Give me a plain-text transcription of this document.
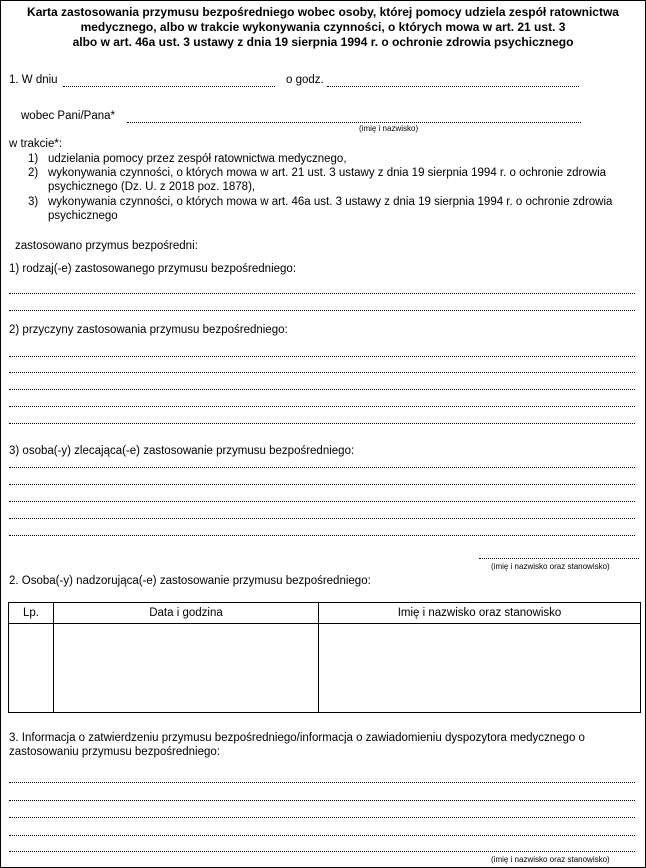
Karta zastosowania przymusu bezpośredniego wobec osoby, której pomocy udziela zespół ratownictwa
medycznego, albo w trakcie wykonywania czynności, o których mowa w art. 21 ust. 3
albo w art. 46a ust. 3 ustawy z dnia 19 sierpnia 1994 r. o ochronie zdrowia psychicznego
1. W dniu	o godz.
wobec Pani/Pana*
(imię i nazwisko)
w trakcie*:
1) udzielania pomocy przez zespół ratownictwa medycznego,
2) wykonywania czynności, o których mowa w art. 21 ust. 3 ustawy z dnia 19 sierpnia 1994 r. o ochronie zdrowia psychicznego (Dz. U. z 2018 poz. 1878),
3) wykonywania czynności, o których mowa w art. 46a ust. 3 ustawy z dnia 19 sierpnia 1994 r. o ochronie zdrowia psychicznego
zastosowano przymus bezpośredni:
1) rodzaj(-e) zastosowanego przymusu bezpośredniego:
2) przyczyny zastosowania przymusu bezpośredniego:
3) osoba(-y) zlecająca(-e) zastosowanie przymusu bezpośredniego:
(imię i nazwisko oraz stanowisko)
2. Osoba(-y) nadzorująca(-e) zastosowanie przymusu bezpośredniego:
Lp.	Data i godzina	Imię i nazwisko oraz stanowisko

3. Informacja o zatwierdzeniu przymusu bezpośredniego/informacja o zawiadomieniu dyspozytora medycznego o zastosowaniu przymusu bezpośredniego:
(imię i nazwisko oraz stanowisko)
